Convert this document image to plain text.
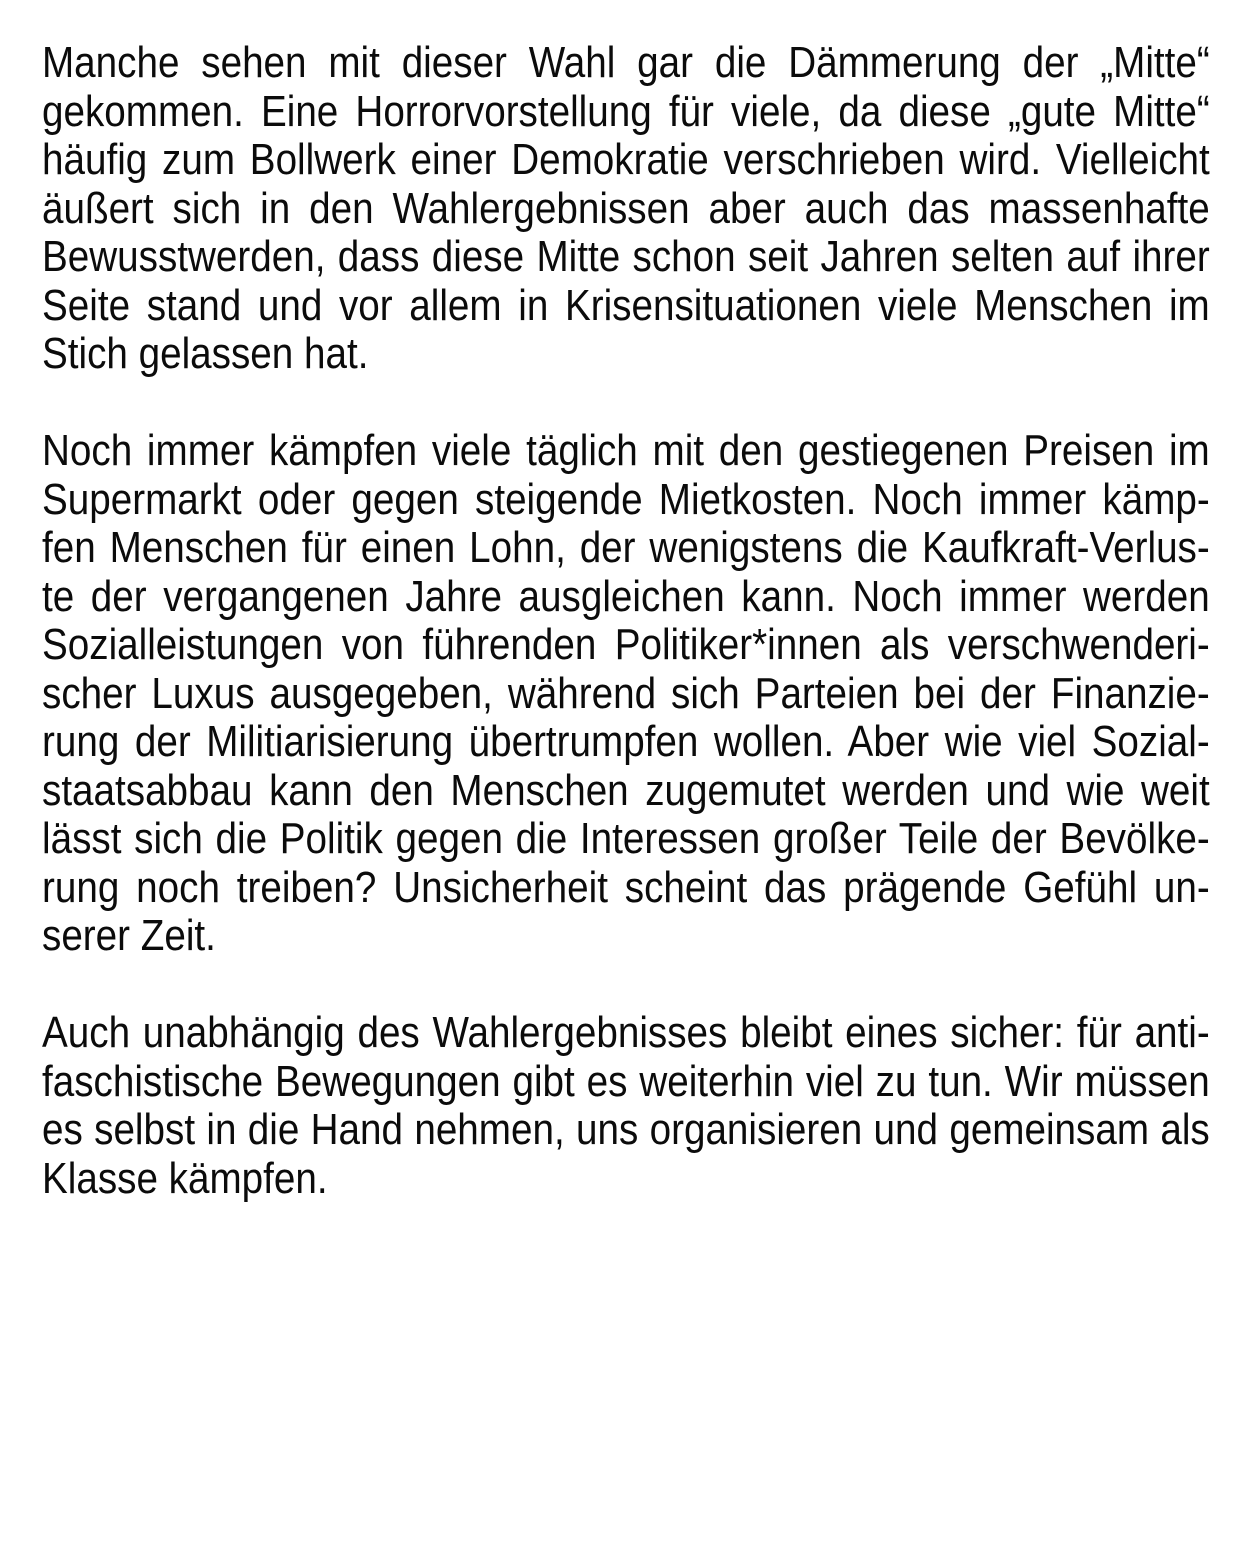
Manche sehen mit dieser Wahl gar die Dämmerung der „Mitte“
gekommen. Eine Horrorvorstellung für viele, da diese „gute Mitte“
häufig zum Bollwerk einer Demokratie verschrieben wird. Vielleicht
äußert sich in den Wahlergebnissen aber auch das massenhafte
Bewusstwerden, dass diese Mitte schon seit Jahren selten auf ihrer
Seite stand und vor allem in Krisensituationen viele Menschen im
Stich gelassen hat.
Noch immer kämpfen viele täglich mit den gestiegenen Preisen im
Supermarkt oder gegen steigende Mietkosten. Noch immer kämp-
fen Menschen für einen Lohn, der wenigstens die Kaufkraft-Verlus-
te der vergangenen Jahre ausgleichen kann. Noch immer werden
Sozialleistungen von führenden Politiker*innen als verschwenderi-
scher Luxus ausgegeben, während sich Parteien bei der Finanzie-
rung der Militiarisierung übertrumpfen wollen. Aber wie viel Sozial-
staatsabbau kann den Menschen zugemutet werden und wie weit
lässt sich die Politik gegen die Interessen großer Teile der Bevölke-
rung noch treiben? Unsicherheit scheint das prägende Gefühl un-
serer Zeit.
Auch unabhängig des Wahlergebnisses bleibt eines sicher: für anti-
faschistische Bewegungen gibt es weiterhin viel zu tun. Wir müssen
es selbst in die Hand nehmen, uns organisieren und gemeinsam als
Klasse kämpfen.
